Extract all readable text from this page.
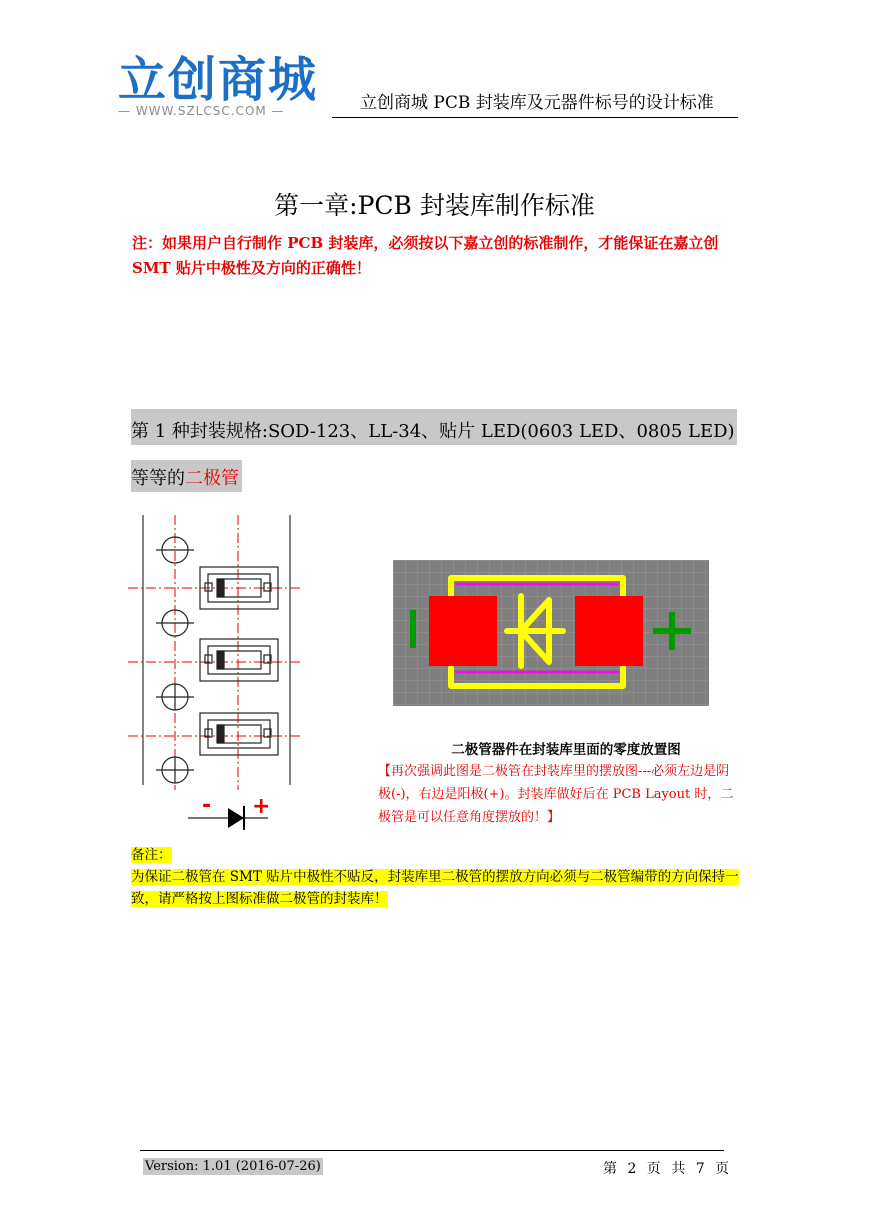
立创商城
— WWW.SZLCSC.COM —	立创商城 PCB 封装库及元器件标号的设计标准
第一章:PCB 封装库制作标准
注：如果用户自行制作 PCB 封装库，必须按以下嘉立创的标准制作，才能保证在嘉立创 SMT 贴片中极性及方向的正确性！
第 1 种封装规格:SOD-123、LL-34、贴片 LED(0603 LED、0805 LED)
等等的二极管
- +
二极管器件在封装库里面的零度放置图
【再次强调此图是二极管在封装库里的摆放图---必须左边是阴极(-)，右边是阳极(+)。封装库做好后在 PCB Layout 时，二极管是可以任意角度摆放的！】
备注：
为保证二极管在 SMT 贴片中极性不贴反，封装库里二极管的摆放方向必须与二极管编带的方向保持一致，请严格按上图标准做二极管的封装库！
Version: 1.01 (2016-07-26)	第 2 页 共 7 页
